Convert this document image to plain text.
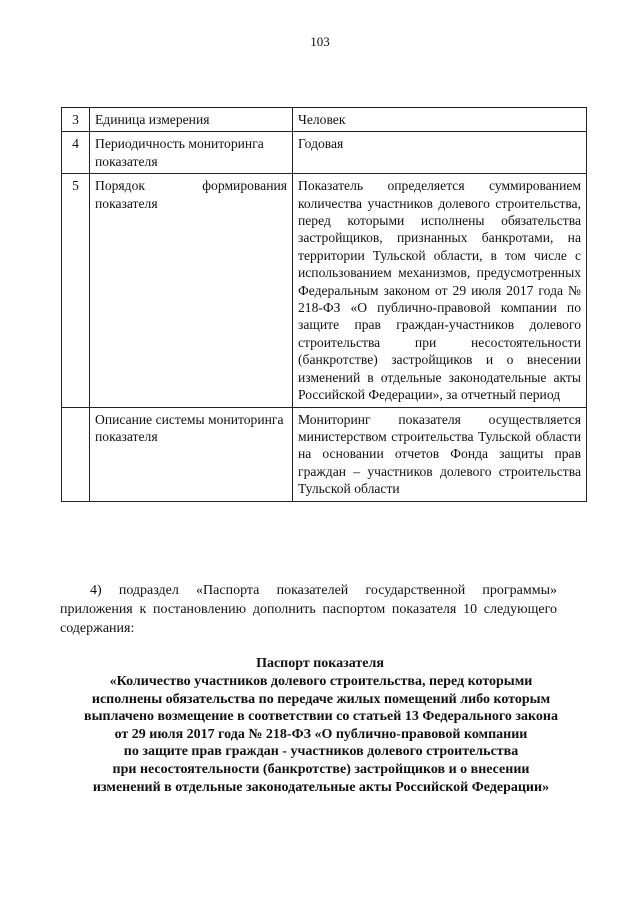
103
3	Единица измерения	Человек
4	Периодичность мониторинга показателя	Годовая
5	Порядок формирования показателя	Показатель определяется суммированием количества участников долевого строительства, перед которыми исполнены обязательства застройщиков, признанных банкротами, на территории Тульской области, в том числе с использованием механизмов, предусмотренных Федеральным законом от 29 июля 2017 года № 218-ФЗ «О публично-правовой компании по защите прав граждан-участников долевого строительства при несостоятельности (банкротстве) застройщиков и о внесении изменений в отдельные законодательные акты Российской Федерации», за отчетный период
	Описание системы мониторинга показателя	Мониторинг показателя осуществляется министерством строительства Тульской области на основании отчетов Фонда защиты прав граждан – участников долевого строительства Тульской области
4) подраздел «Паспорта показателей государственной программы» приложения к постановлению дополнить паспортом показателя 10 следующего содержания:
Паспорт показателя
«Количество участников долевого строительства, перед которыми
исполнены обязательства по передаче жилых помещений либо которым
выплачено возмещение в соответствии со статьей 13 Федерального закона
от 29 июля 2017 года № 218-ФЗ «О публично-правовой компании
по защите прав граждан - участников долевого строительства
при несостоятельности (банкротстве) застройщиков и о внесении
изменений в отдельные законодательные акты Российской Федерации»
